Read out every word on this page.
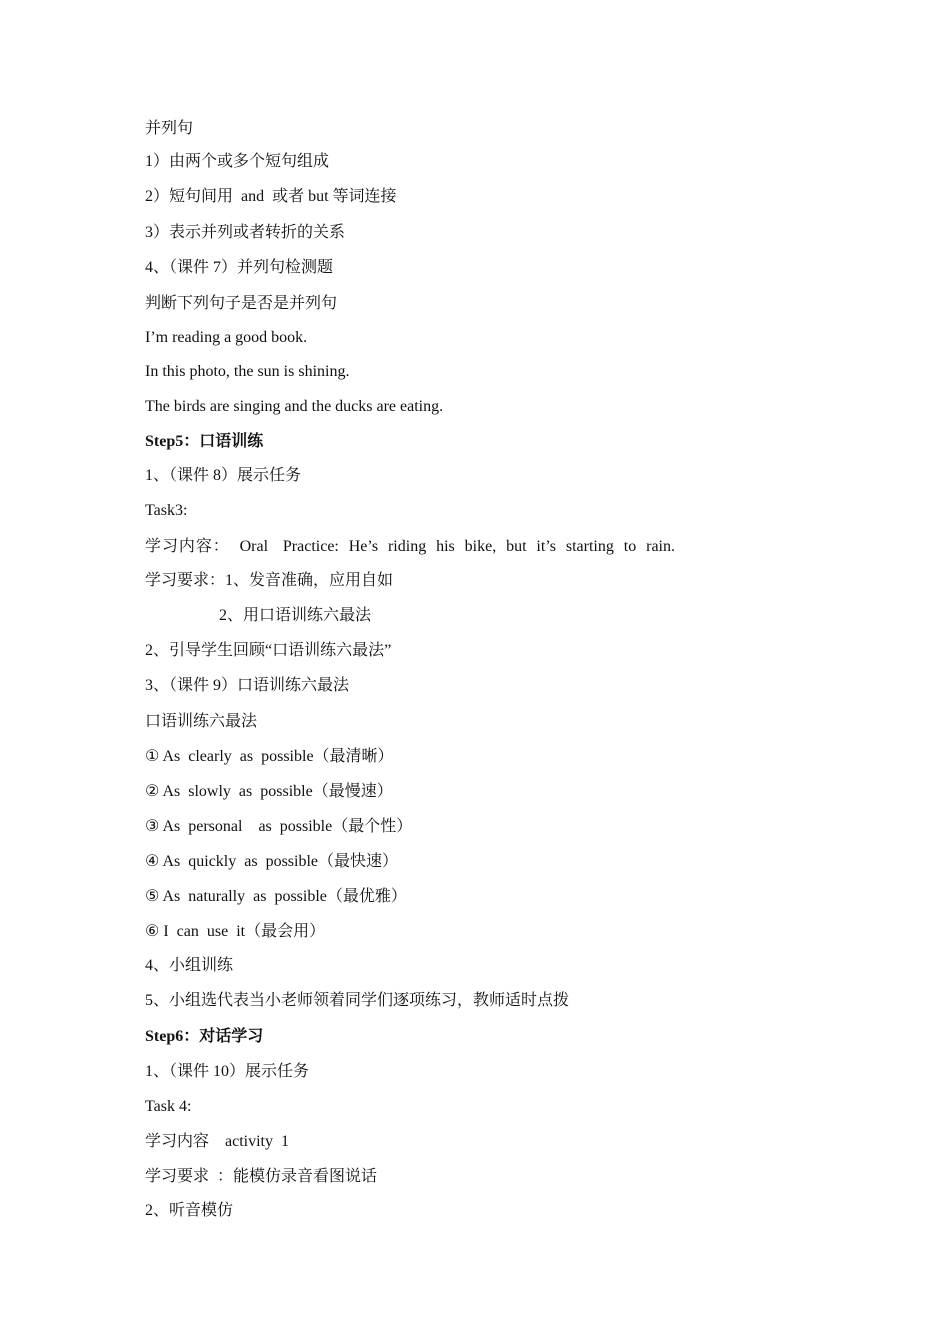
并列句
1）由两个或多个短句组成
2）短句间用  and  或者 but 等词连接
3）表示并列或者转折的关系
4、（课件 7）并列句检测题
判断下列句子是否是并列句
I’m reading a good book.
In this photo, the sun is shining.
The birds are singing and the ducks are eating.
Step5：口语训练
1、（课件 8）展示任务
Task3:
学习内容：  Oral   Practice:  He’s  riding  his  bike,  but  it’s  starting  to  rain.
学习要求：1、发音准确，应用自如
2、用口语训练六最法
2、引导学生回顾“口语训练六最法”
3、（课件 9）口语训练六最法
口语训练六最法
① As  clearly  as  possible（最清晰）
② As  slowly  as  possible（最慢速）
③ As  personal    as  possible（最个性）
④ As  quickly  as  possible（最快速）
⑤ As  naturally  as  possible（最优雅）
⑥ I  can  use  it（最会用）
4、小组训练
5、小组选代表当小老师领着同学们逐项练习，教师适时点拨
Step6：对话学习
1、（课件 10）展示任务
Task 4:
学习内容    activity  1
学习要求  ：能模仿录音看图说话
2、听音模仿
